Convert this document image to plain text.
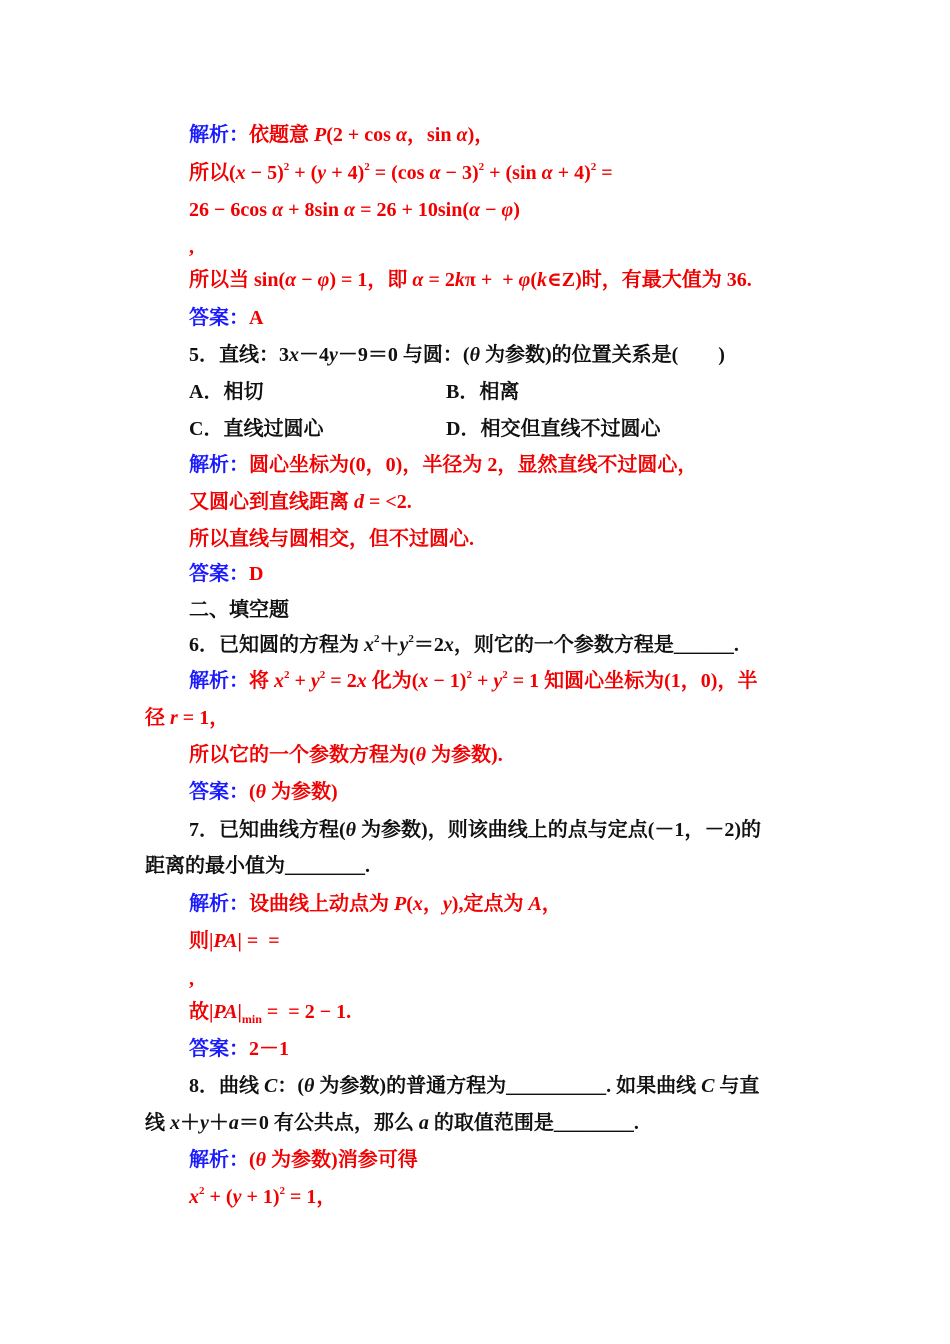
解析：依题意 P(2 + cos α，sin α)，
所以$(x - 5)^2 + (y + 4)^2 = (\cos$ α − 3)$^2$ + (sin α + 4)$^2$ =
26 − 6cos α + 8sin α = 26 + 10sin(α − φ)
,
所以当 sin(α − φ) = 1，即 α = 2kπ +  + φ(k∈Z)时，有最大值为 36.
答案：A
5．直线：3x－4y－9＝0 与圆：(θ 为参数)的位置关系是(　　)
A．相切	B．相离
C．直线过圆心	D．相交但直线不过圆心
解析：圆心坐标为(0，0)，半径为 2，显然直线不过圆心，
又圆心到直线距离 d = <2.
所以直线与圆相交，但不过圆心.
答案：D
二、填空题
6．已知圆的方程为 $x^2+y^2=2x$，则它的一个参数方程是______.
解析：将 $x^2 + y^2 = 2x$ 化为$(x - 1)^2 + y^2 = 1$ 知圆心坐标为(1，0)，半
径 r = 1，
所以它的一个参数方程为(θ 为参数).
答案：(θ 为参数)
7．已知曲线方程(θ 为参数)，则该曲线上的点与定点(－1，－2)的
距离的最小值为________.
解析：设曲线上动点为 P(x，y),定点为 A，
则|PA| =  =
,
故$|PA|_{min}$ =  = 2 − 1.
答案：2－1
8．曲线 C：(θ 为参数)的普通方程为__________. 如果曲线 C 与直
线 x＋y＋a＝0 有公共点，那么 a 的取值范围是________.
解析：(θ 为参数)消参可得
$x^2 + (y + 1)^2 = 1$，
